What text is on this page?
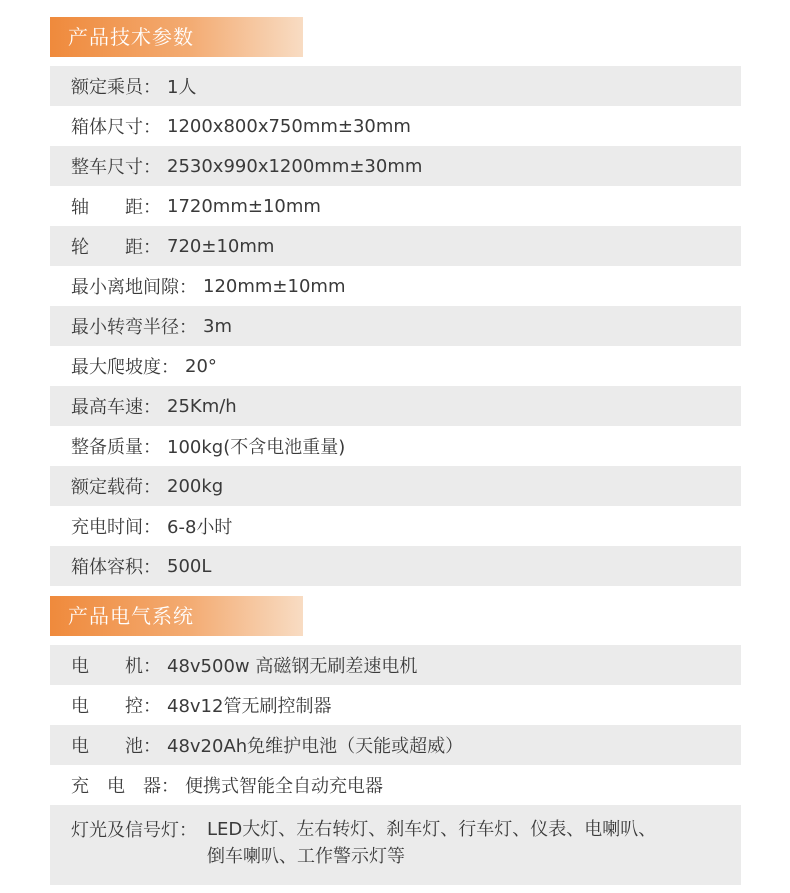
产品技术参数
额定乘员： 1人
箱体尺寸： 1200x800x750mm±30mm
整车尺寸： 2530x990x1200mm±30mm
轴　　距： 1720mm±10mm
轮　　距： 720±10mm
最小离地间隙： 120mm±10mm
最小转弯半径： 3m
最大爬坡度： 20°
最高车速： 25Km/h
整备质量： 100kg(不含电池重量)
额定载荷： 200kg
充电时间： 6-8小时
箱体容积： 500L
产品电气系统
电　　机： 48v500w 高磁钢无刷差速电机
电　　控： 48v12管无刷控制器
电　　池： 48v20Ah免维护电池（天能或超威）
充　电　器： 便携式智能全自动充电器
灯光及信号灯： LED大灯、左右转灯、刹车灯、行车灯、仪表、电喇叭、
倒车喇叭、工作警示灯等
